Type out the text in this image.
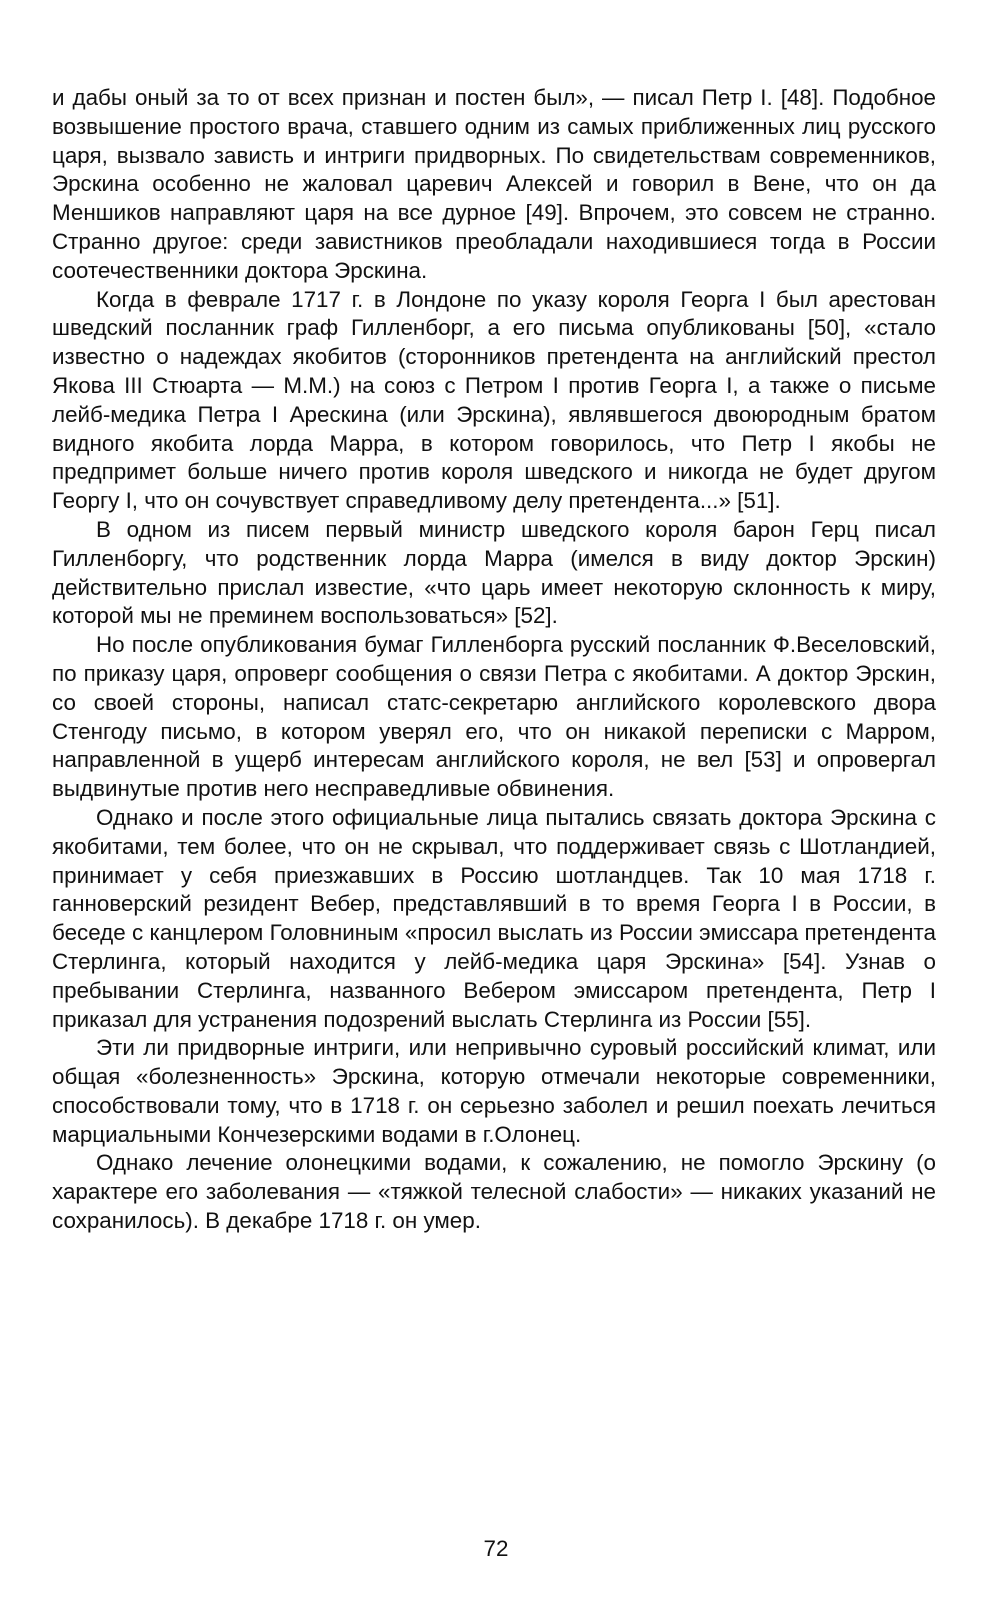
и дабы оный за то от всех признан и постен был», — писал Петр I. [48]. Подобное возвышение простого врача, ставшего одним из самых приближенных лиц русского царя, вызвало зависть и интриги придворных. По свидетельствам современников, Эрскина особенно не жаловал царевич Алексей и говорил в Вене, что он да Меншиков направляют царя на все дурное [49]. Впрочем, это совсем не странно. Странно другое: среди завистников преобладали находившиеся тогда в России соотечественники доктора Эрскина.

Когда в феврале 1717 г. в Лондоне по указу короля Георга I был арестован шведский посланник граф Гилленборг, а его письма опубликованы [50], «стало известно о надеждах якобитов (сторонников претендента на английский престол Якова III Стюарта — М.М.) на союз с Петром I против Георга I, а также о письме лейб-медика Петра I Арескина (или Эрскина), являвшегося двоюродным братом видного якобита лорда Марра, в котором говорилось, что Петр I якобы не предпримет больше ничего против короля шведского и никогда не будет другом Георгу I, что он сочувствует справедливому делу претендента...» [51].

В одном из писем первый министр шведского короля барон Герц писал Гилленборгу, что родственник лорда Марра (имелся в виду доктор Эрскин) действительно прислал известие, «что царь имеет некоторую склонность к миру, которой мы не преминем воспользоваться» [52].

Но после опубликования бумаг Гилленборга русский посланник Ф.Веселовский, по приказу царя, опроверг сообщения о связи Петра с якобитами. А доктор Эрскин, со своей стороны, написал статс-секретарю английского королевского двора Стенгоду письмо, в котором уверял его, что он никакой переписки с Марром, направленной в ущерб интересам английского короля, не вел [53] и опровергал выдвинутые против него несправедливые обвинения.

Однако и после этого официальные лица пытались связать доктора Эрскина с якобитами, тем более, что он не скрывал, что поддерживает связь с Шотландией, принимает у себя приезжавших в Россию шотландцев. Так 10 мая 1718 г. ганноверский резидент Вебер, представлявший в то время Георга I в России, в беседе с канцлером Головниным «просил выслать из России эмиссара претендента Стерлинга, который находится у лейб-медика царя Эрскина» [54]. Узнав о пребывании Стерлинга, названного Вебером эмиссаром претендента, Петр I приказал для устранения подозрений выслать Стерлинга из России [55].

Эти ли придворные интриги, или непривычно суровый российский климат, или общая «болезненность» Эрскина, которую отмечали некоторые современники, способствовали тому, что в 1718 г. он серьезно заболел и решил поехать лечиться марциальными Кончезерскими водами в г.Олонец.

Однако лечение олонецкими водами, к сожалению, не помогло Эрскину (о характере его заболевания — «тяжкой телесной слабости» — никаких указаний не сохранилось). В декабре 1718 г. он умер.

72
